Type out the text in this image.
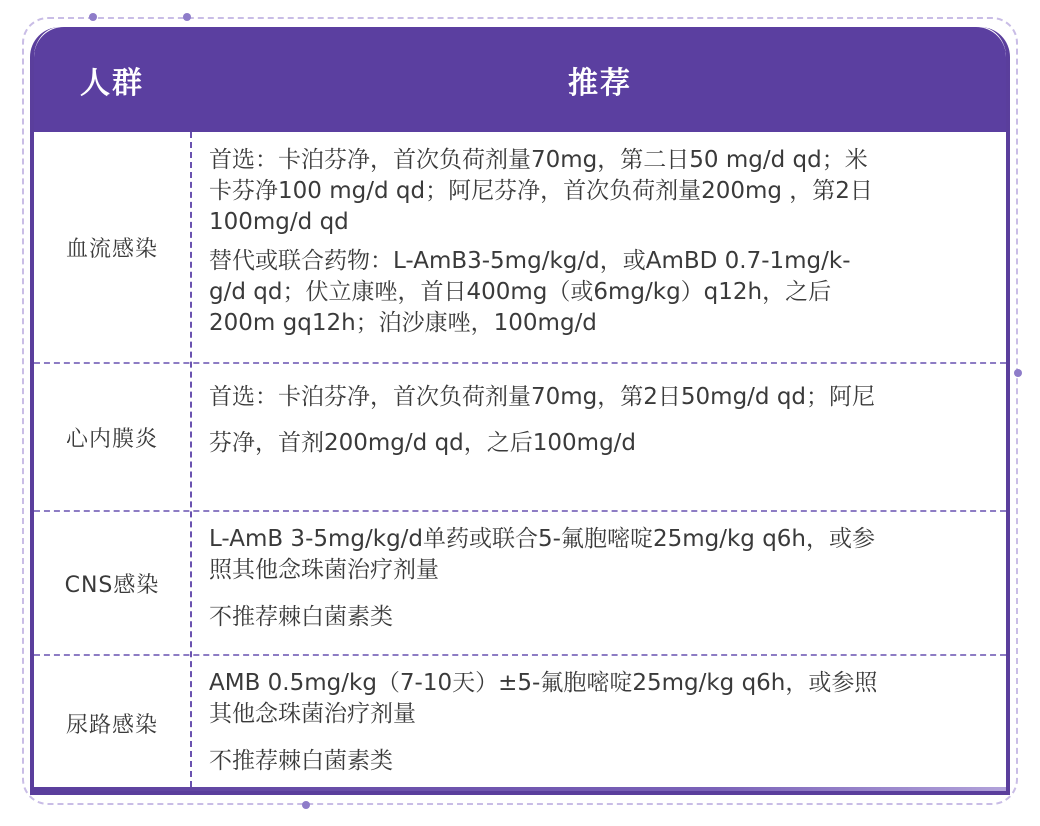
人群	推荐
血流感染
首选：卡泊芬净，首次负荷剂量70mg，第二日50 mg/d qd；米
卡芬净100 mg/d qd；阿尼芬净，首次负荷剂量200mg ，第2日
100mg/d qd
替代或联合药物：L-AmB3-5mg/kg/d，或AmBD 0.7-1mg/k-
g/d qd；伏立康唑，首日400mg（或6mg/kg）q12h，之后
200m gq12h；泊沙康唑，100mg/d
心内膜炎
首选：卡泊芬净，首次负荷剂量70mg，第2日50mg/d qd；阿尼
芬净，首剂200mg/d qd，之后100mg/d
CNS感染
L-AmB 3-5mg/kg/d单药或联合5-氟胞嘧啶25mg/kg q6h，或参
照其他念珠菌治疗剂量
不推荐棘白菌素类
尿路感染
AMB 0.5mg/kg（7-10天）±5-氟胞嘧啶25mg/kg q6h，或参照
其他念珠菌治疗剂量
不推荐棘白菌素类
